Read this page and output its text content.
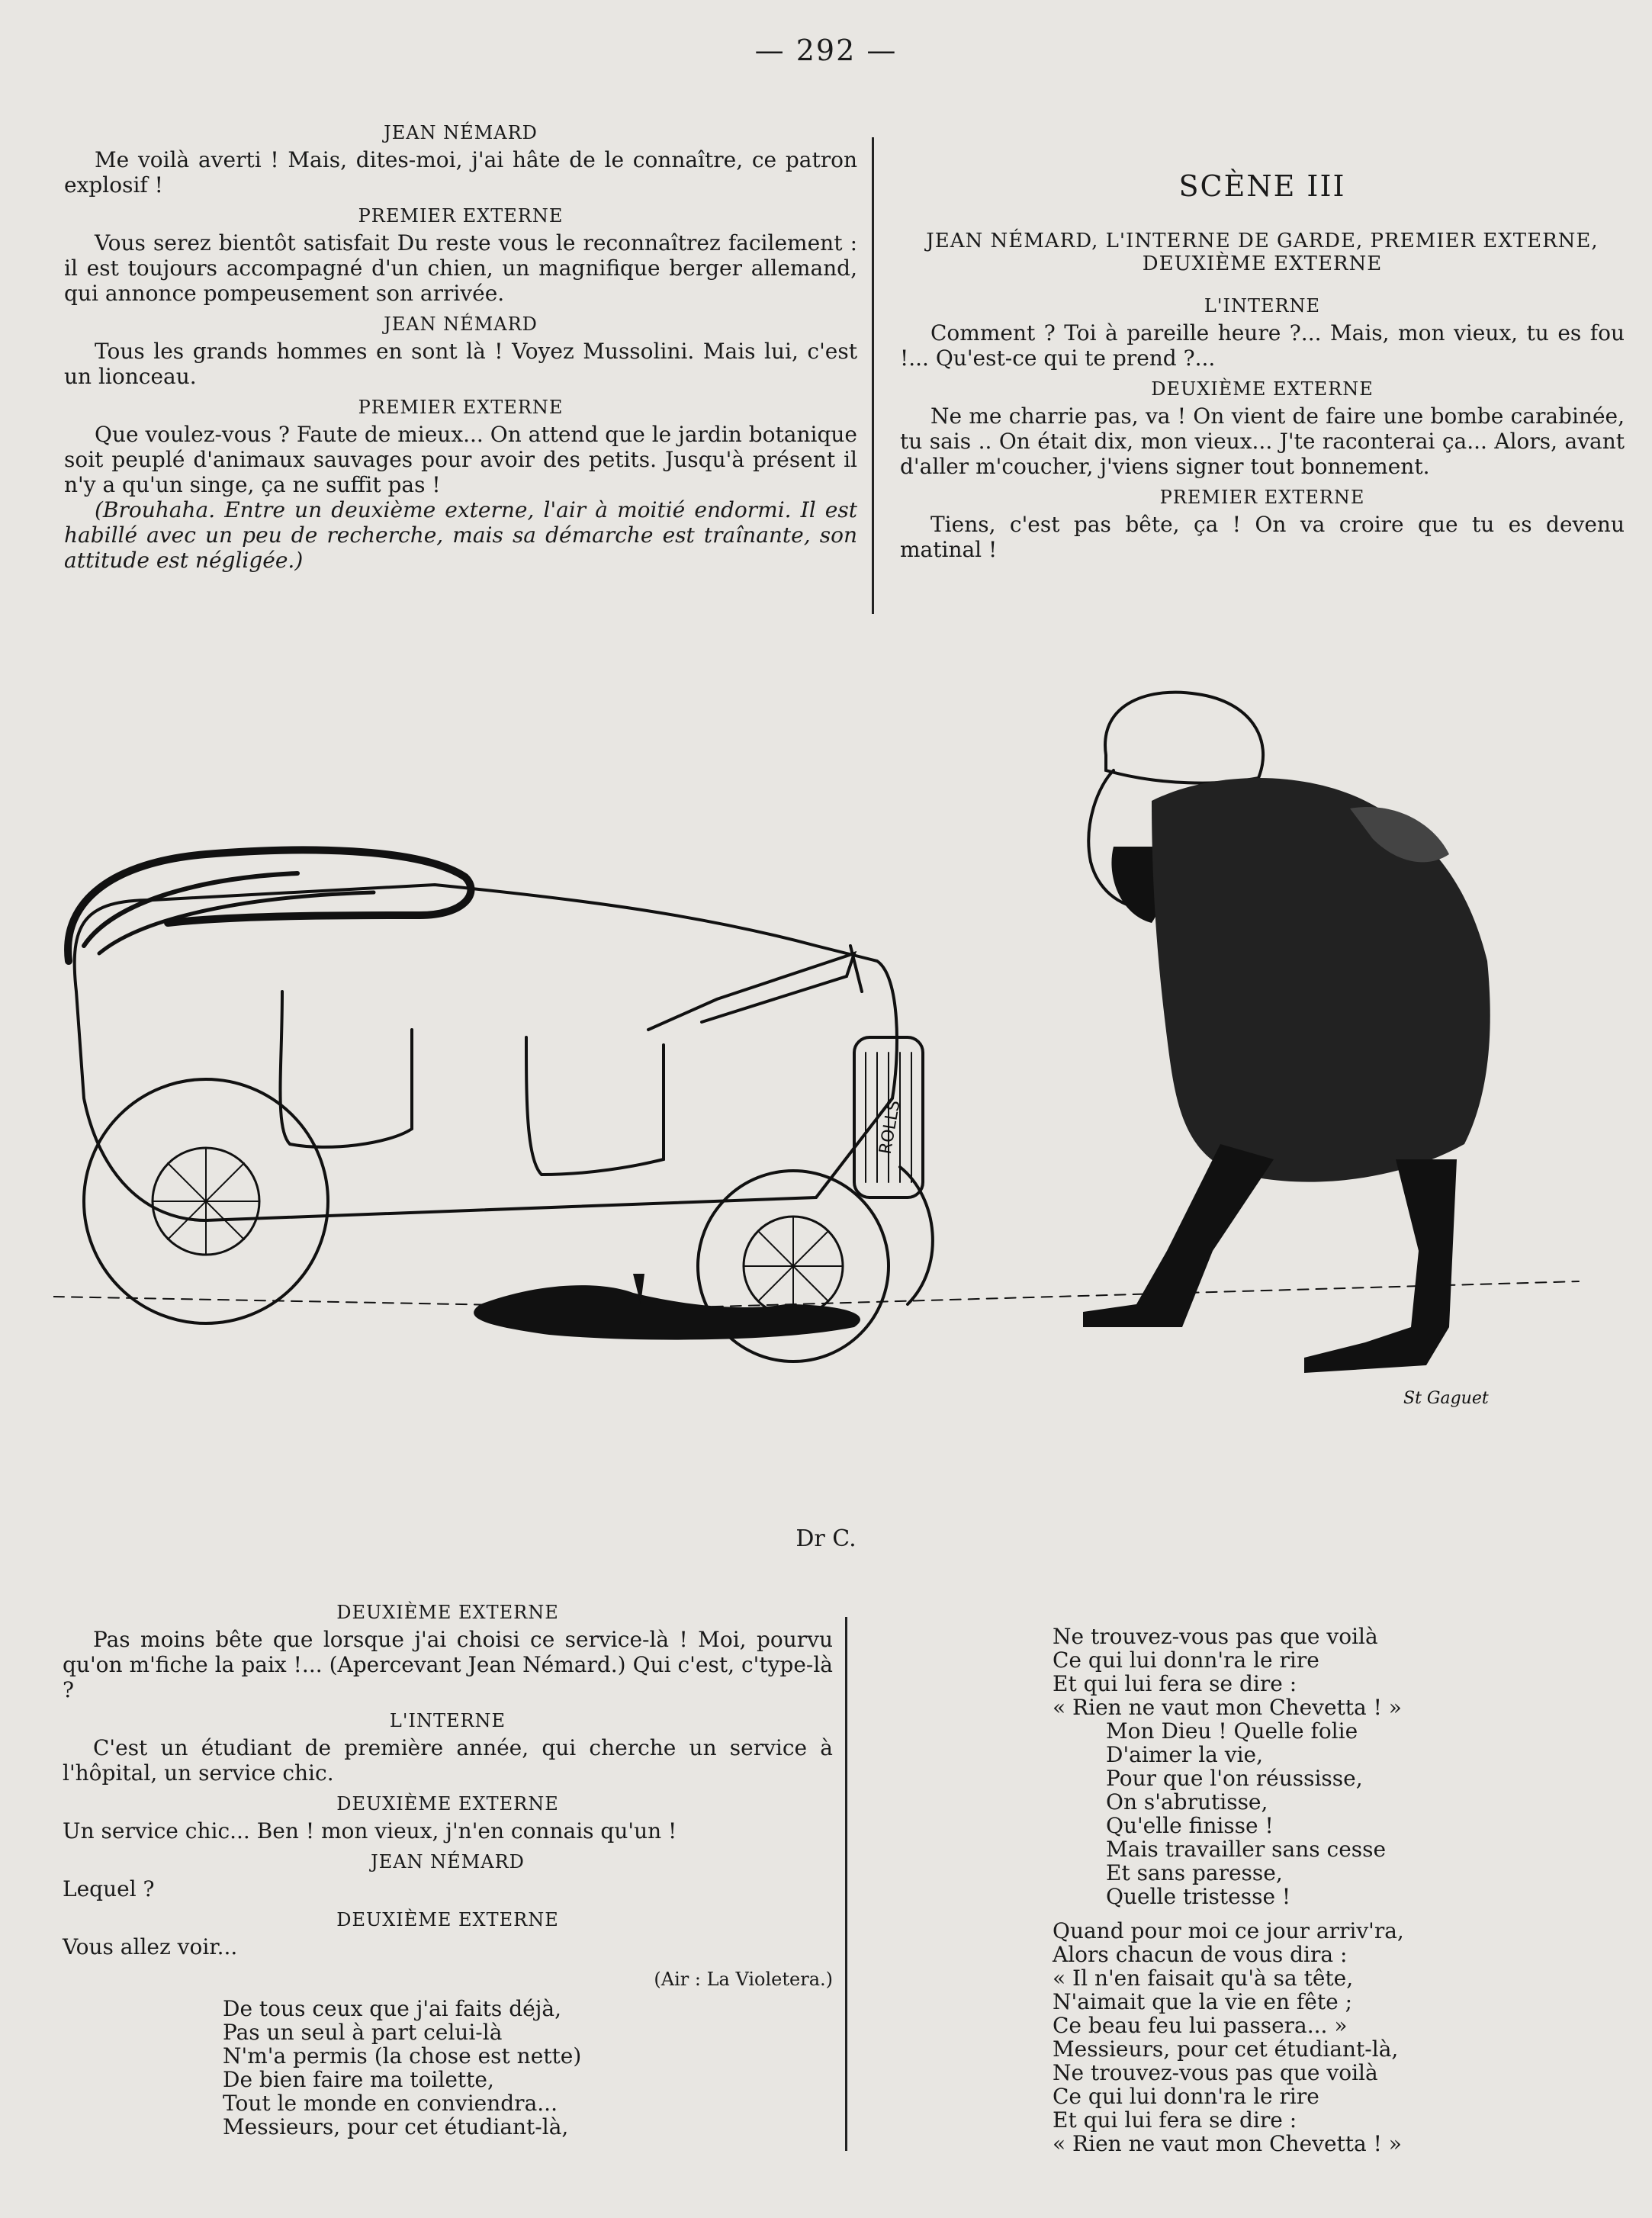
— 292 —
JEAN NÉMARD

Me voilà averti ! Mais, dites-moi, j'ai hâte de le connaître, ce patron explosif !

PREMIER EXTERNE

Vous serez bientôt satisfait Du reste vous le reconnaîtrez facilement : il est toujours accompagné d'un chien, un magnifique berger allemand, qui annonce pompeusement son arrivée.

JEAN NÉMARD

Tous les grands hommes en sont là ! Voyez Mussolini. Mais lui, c'est un lionceau.

PREMIER EXTERNE

Que voulez-vous ? Faute de mieux... On attend que le jardin botanique soit peuplé d'animaux sauvages pour avoir des petits. Jusqu'à présent il n'y a qu'un singe, ça ne suffit pas !

(Brouhaha. Entre un deuxième externe, l'air à moitié endormi. Il est habillé avec un peu de recherche, mais sa démarche est traînante, son attitude est négligée.)

SCÈNE III
JEAN NÉMARD, L'INTERNE DE GARDE, PREMIER EXTERNE, DEUXIÈME EXTERNE
L'INTERNE

Comment ? Toi à pareille heure ?... Mais, mon vieux, tu es fou !... Qu'est-ce qui te prend ?...

DEUXIÈME EXTERNE

Ne me charrie pas, va ! On vient de faire une bombe carabinée, tu sais .. On était dix, mon vieux... J'te raconterai ça... Alors, avant d'aller m'coucher, j'viens signer tout bonnement.

PREMIER EXTERNE

Tiens, c'est pas bête, ça ! On va croire que tu es devenu matinal !

ROLLS
St Gaguet
Dr C.
DEUXIÈME EXTERNE

Pas moins bête que lorsque j'ai choisi ce service-là ! Moi, pourvu qu'on m'fiche la paix !... (Apercevant Jean Némard.) Qui c'est, c'type-là ?

L'INTERNE

C'est un étudiant de première année, qui cherche un service à l'hôpital, un service chic.

DEUXIÈME EXTERNE

Un service chic... Ben ! mon vieux, j'n'en connais qu'un !

JEAN NÉMARD

Lequel ?

DEUXIÈME EXTERNE

Vous allez voir...

(Air : La Violetera.)
De tous ceux que j'ai faits déjà,
Pas un seul à part celui-là
N'm'a permis (la chose est nette)
De bien faire ma toilette,
Tout le monde en conviendra...
Messieurs, pour cet étudiant-là,
Ne trouvez-vous pas que voilà
Ce qui lui donn'ra le rire
Et qui lui fera se dire :
« Rien ne vaut mon Chevetta ! »
Mon Dieu ! Quelle folie
D'aimer la vie,
Pour que l'on réussisse,
On s'abrutisse,
Qu'elle finisse !
Mais travailler sans cesse
Et sans paresse,
Quelle tristesse !
Quand pour moi ce jour arriv'ra,
Alors chacun de vous dira :
« Il n'en faisait qu'à sa tête,
N'aimait que la vie en fête ;
Ce beau feu lui passera... »
Messieurs, pour cet étudiant-là,
Ne trouvez-vous pas que voilà
Ce qui lui donn'ra le rire
Et qui lui fera se dire :
« Rien ne vaut mon Chevetta ! »
